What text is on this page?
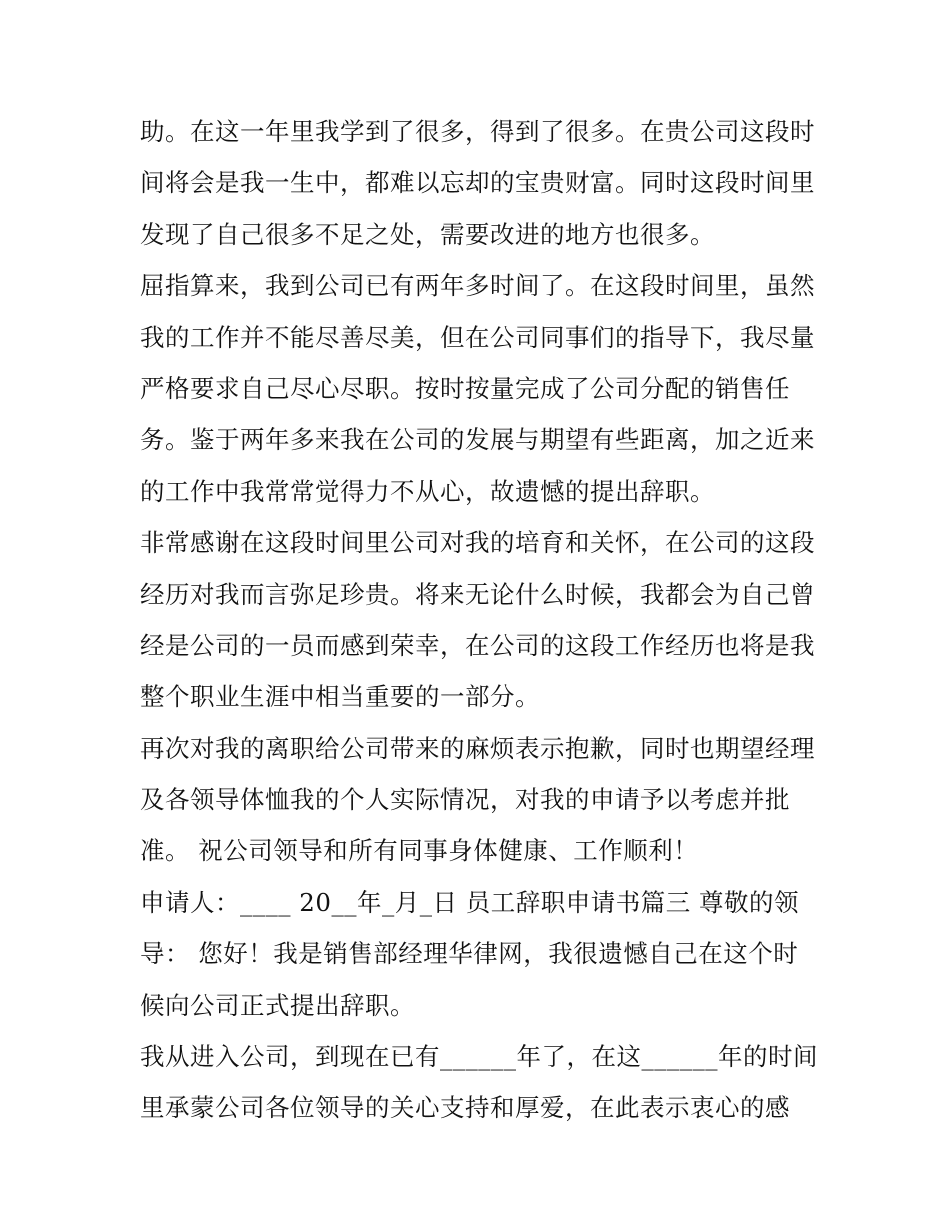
助。在这一年里我学到了很多，得到了很多。在贵公司这段时
间将会是我一生中，都难以忘却的宝贵财富。同时这段时间里
发现了自己很多不足之处，需要改进的地方也很多。
屈指算来，我到公司已有两年多时间了。在这段时间里，虽然
我的工作并不能尽善尽美，但在公司同事们的指导下，我尽量
严格要求自己尽心尽职。按时按量完成了公司分配的销售任
务。鉴于两年多来我在公司的发展与期望有些距离，加之近来
的工作中我常常觉得力不从心，故遗憾的提出辞职。
非常感谢在这段时间里公司对我的培育和关怀，在公司的这段
经历对我而言弥足珍贵。将来无论什么时候，我都会为自己曾
经是公司的一员而感到荣幸，在公司的这段工作经历也将是我
整个职业生涯中相当重要的一部分。
再次对我的离职给公司带来的麻烦表示抱歉，同时也期望经理
及各领导体恤我的个人实际情况，对我的申请予以考虑并批
准。 祝公司领导和所有同事身体健康、工作顺利！
申请人：____ 20__年_月_日 员工辞职申请书篇三 尊敬的领
导： 您好！我是销售部经理华律网，我很遗憾自己在这个时
候向公司正式提出辞职。
我从进入公司，到现在已有______年了，在这______年的时间
里承蒙公司各位领导的关心支持和厚爱，在此表示衷心的感
